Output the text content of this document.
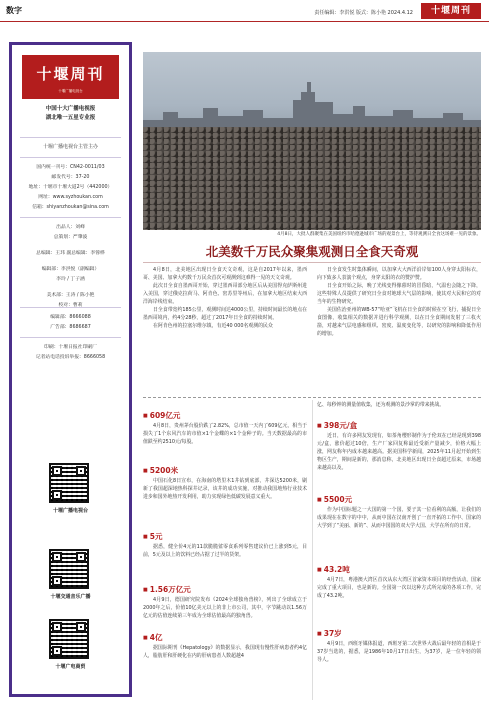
数字	责任编辑：李洪悦 版式：陈小艳 2024.4.12	十堰周刊
十堰周刊
十堰广播电视台
中国十大广播电视报
湖北唯一五星专业报
十堰广播电视台主管主办
国内统一刊号：CN42-0011/03
邮发代号：37-20
地址：十堰市十堰大道2号（442000）
网址：www.syzhoukan.com
信箱：shiyanzhoukan@sina.com
出品人：刘峰
总策划：严肇波
总编辑：王玮 副总编辑：李蓉桦
编辑部：李洪悦（副编辑）
李玲 / 丁子涵
美术部：王涛 / 陈小艳
校对：曹莉
编辑部：8666088
广告部：8686687
印刷：十堰日报社印刷厂
记者站电话投诉举报：8666058
十堰广播电视台
十堰交通音乐广播
十堰广电商贸
4月8日，大批人群聚集在美国纽约市哈德逊城市广场的观景台上，等待观测日全食这场难一见的景象。
北美数千万民众聚集观测日全食天奇观

4月8日，北美地区出现日全食天文奇观，这是自2017年以来，墨西哥、美国、加拿大约数千万民众首次可观测到这难得一见的天文奇观。

此次日全食自墨西哥开始，穿过墨西哥部分地区后从美国得克萨斯州进入美国，穿过俄克拉荷马、阿肯色、密苏里等州后，在加拿大地区结束大西洋海岸线结束。

日全食带宽约185公里，观测时间达4000公里，持续时间最长的地点在墨西哥境内，约4分28秒，超过了2017年日全食的持续时间。

在阿肯色州的拉塞尔维尔镇，有近40 000名观测的民众

日全食发生时集体瞬间，以加拿大大西洋沿岸如100人身穿太阳标衣，向下致多人表演个观点，身穿太阳的衣的赞护赞。

日全食开始之际，晚了光线变得像暮时的冒昏暗，气温也会随之下降，这些特殊人员提供了研究日全食对地球大气层的影响，使其对大民和它的对当年的生物研究。

美国佐治亚州的WB-57“哈亚”飞机在日全食的时候在空飞行，捕捉日全食图像，收集相关的数据并进行科学观测，以在日全食期间发射了三枚火箭，对越来气层电感和组织、密度、温度变化等，以研究的影响和降低作用的增加。

亿、每秒钟的测量值收集，还为观测的景沙掌的带来挑战。
■ 609亿元

4月8日，贵州茅台股价跌了2.82%，总市值一天内了609亿元，相当于损失了1个东风汽车的市值×1个金蝶的×1个金种子的。当天数据最高的市值跌至约2510元/每股。

■ 5200米

中国石化8日宣布，在海南的塔里木1井钻到底部，井深达5200米，刷新了我国超深地热科探井记录，该井的成功实施，对推动我国地热行业技术进步和国外地热开发利用，助力实现绿色低碳发展意义重大。

■ 5元

据悉，健全价4元的11款脆脆鲨零食系列零售建议价已上涨到5元，目前，5元及以上的饮料已经占据了过半的货架。

■ 1.56万亿元

4月9日，德国研究院发布《2024全球独角兽榜》，列出了全球成立于2000年之后，价值10亿美元以上的非上市公司，其中，字节跳动以1.56万亿元的估值连续第三年成为全球估值最高的独角兽。

■ 4亿

据国际期刊《Hepatology》的数据显示，我国现有慢性肝病患者约4亿人，脂肪肝和肝硬化在内的肝病患者人数超越4

■ 398元/盒

近日，有许多网友发现有，如茶角缨形制作为于伦双在已经是现到398元/盒，涨价超过10倍，生产厂家回复称最近受新产量减少，价格大幅上涨，网友称年内成本越来越高。据美国科学新闻，2025年11月起开始到生物区生产，期间是新的，那消息称，北美地区出现日全食超过原来，市场越来越高以及。

■ 5500元

作为中国标题之一大国的第一个国，要子其一位看利的高额，让我们的成果现在在数字的中中，从而中国在汉南开创了一直开拓的工作中、国家的大学到了“美丽、新的”、从而中国国的双大学大国、大学在所有的日常。

■ 43.2吨

4月7日，粤港澳大湾区首次从东大湾区首家资本项目的经营活动，国家完成了重大项目，也是新的。全国第一次以这种方式所完成的各项工作，完成了43.2吨。

■ 37岁

4月9日，西班牙媒体报道，西班牙第二次世界大战后最年轻的首相是于37岁当选的，据悉，是1986年10月17日出生，为37岁，是一位年轻的领导人。
